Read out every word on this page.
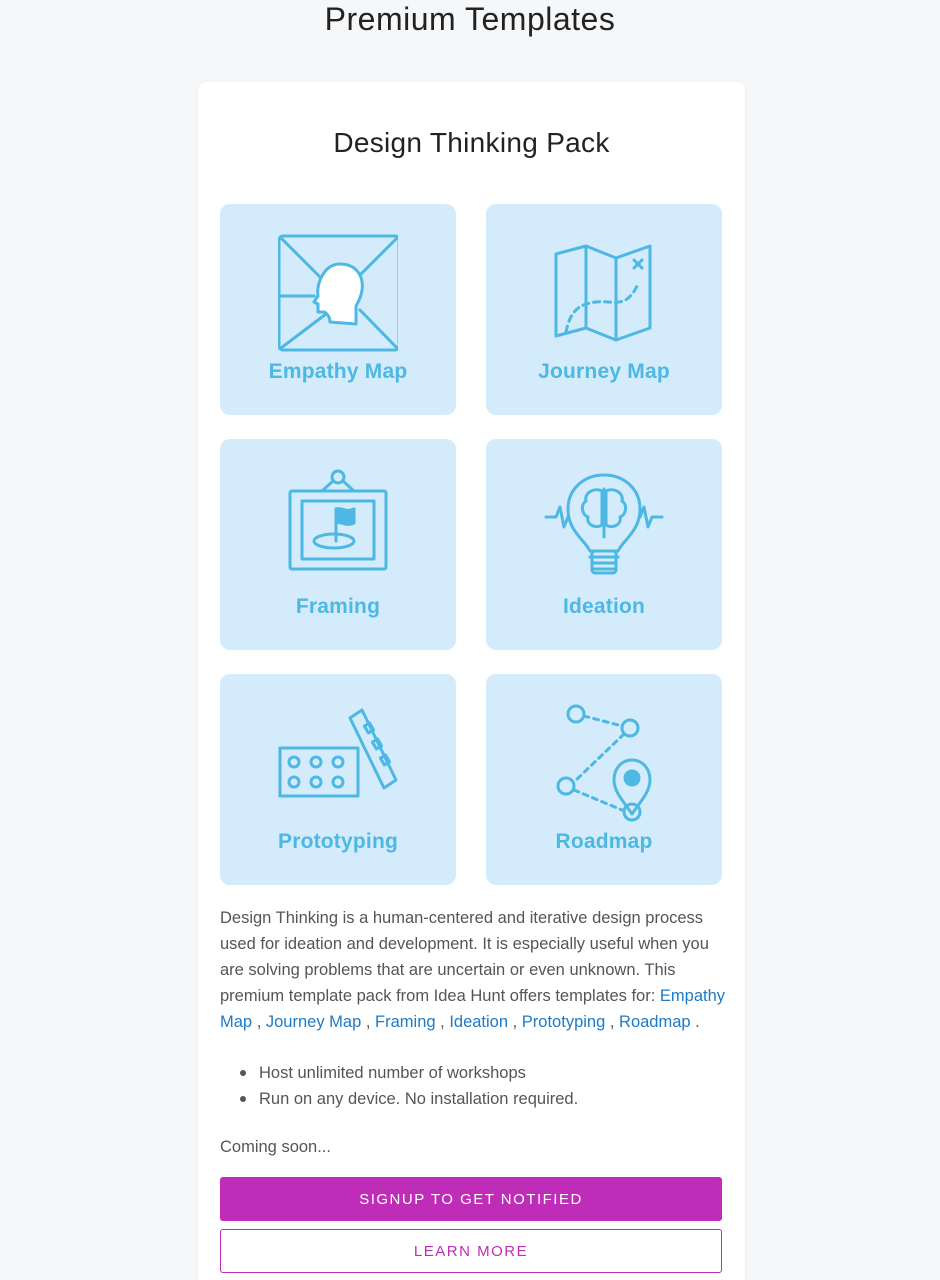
Premium Templates
Design Thinking Pack
Empathy Map	Journey Map
Framing	Ideation
Prototyping	Roadmap

Design Thinking is a human-centered and iterative design process used for ideation and development. It is especially useful when you are solving problems that are uncertain or even unknown. This premium template pack from Idea Hunt offers templates for: Empathy Map , Journey Map , Framing , Ideation , Prototyping , Roadmap .

Host unlimited number of workshops
Run on any device. No installation required.
Coming soon...
SIGNUP TO GET NOTIFIED
LEARN MORE
